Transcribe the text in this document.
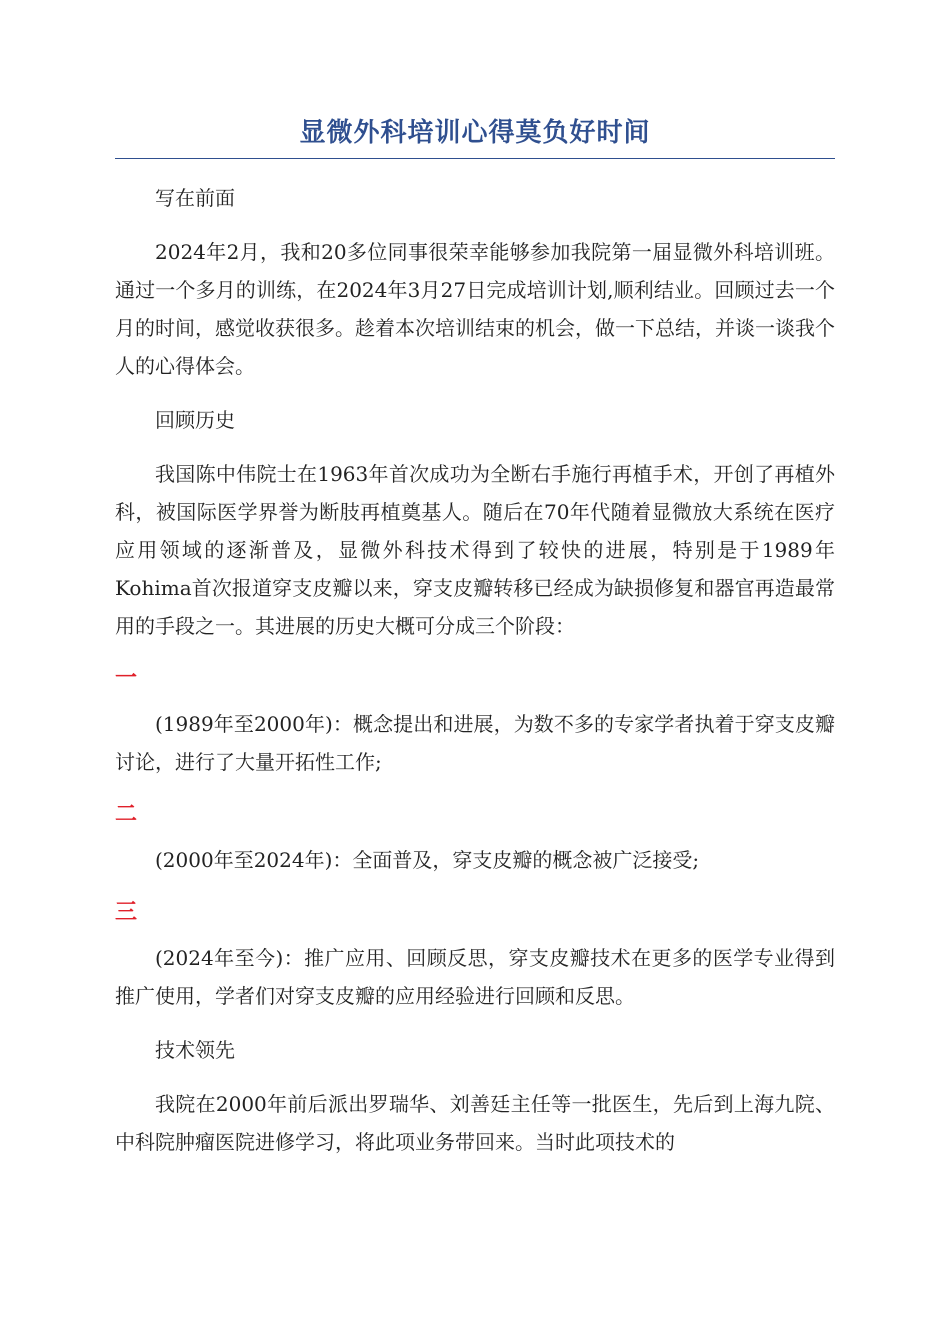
显微外科培训心得莫负好时间

写在前面

2024年2月，我和20多位同事很荣幸能够参加我院第一届显微外科培训班。通过一个多月的训练，在2024年3月27日完成培训计划,顺利结业。回顾过去一个月的时间，感觉收获很多。趁着本次培训结束的机会，做一下总结，并谈一谈我个人的心得体会。

回顾历史

我国陈中伟院士在1963年首次成功为全断右手施行再植手术，开创了再植外科，被国际医学界誉为断肢再植奠基人。随后在70年代随着显微放大系统在医疗应用领域的逐渐普及，显微外科技术得到了较快的进展，特别是于1989年Kohima首次报道穿支皮瓣以来，穿支皮瓣转移已经成为缺损修复和器官再造最常用的手段之一。其进展的历史大概可分成三个阶段：

一

(1989年至2000年)：概念提出和进展，为数不多的专家学者执着于穿支皮瓣讨论，进行了大量开拓性工作;

二

(2000年至2024年)：全面普及，穿支皮瓣的概念被广泛接受;

三

(2024年至今)：推广应用、回顾反思，穿支皮瓣技术在更多的医学专业得到推广使用，学者们对穿支皮瓣的应用经验进行回顾和反思。

技术领先

我院在2000年前后派出罗瑞华、刘善廷主任等一批医生，先后到上海九院、中科院肿瘤医院进修学习，将此项业务带回来。当时此项技术的
